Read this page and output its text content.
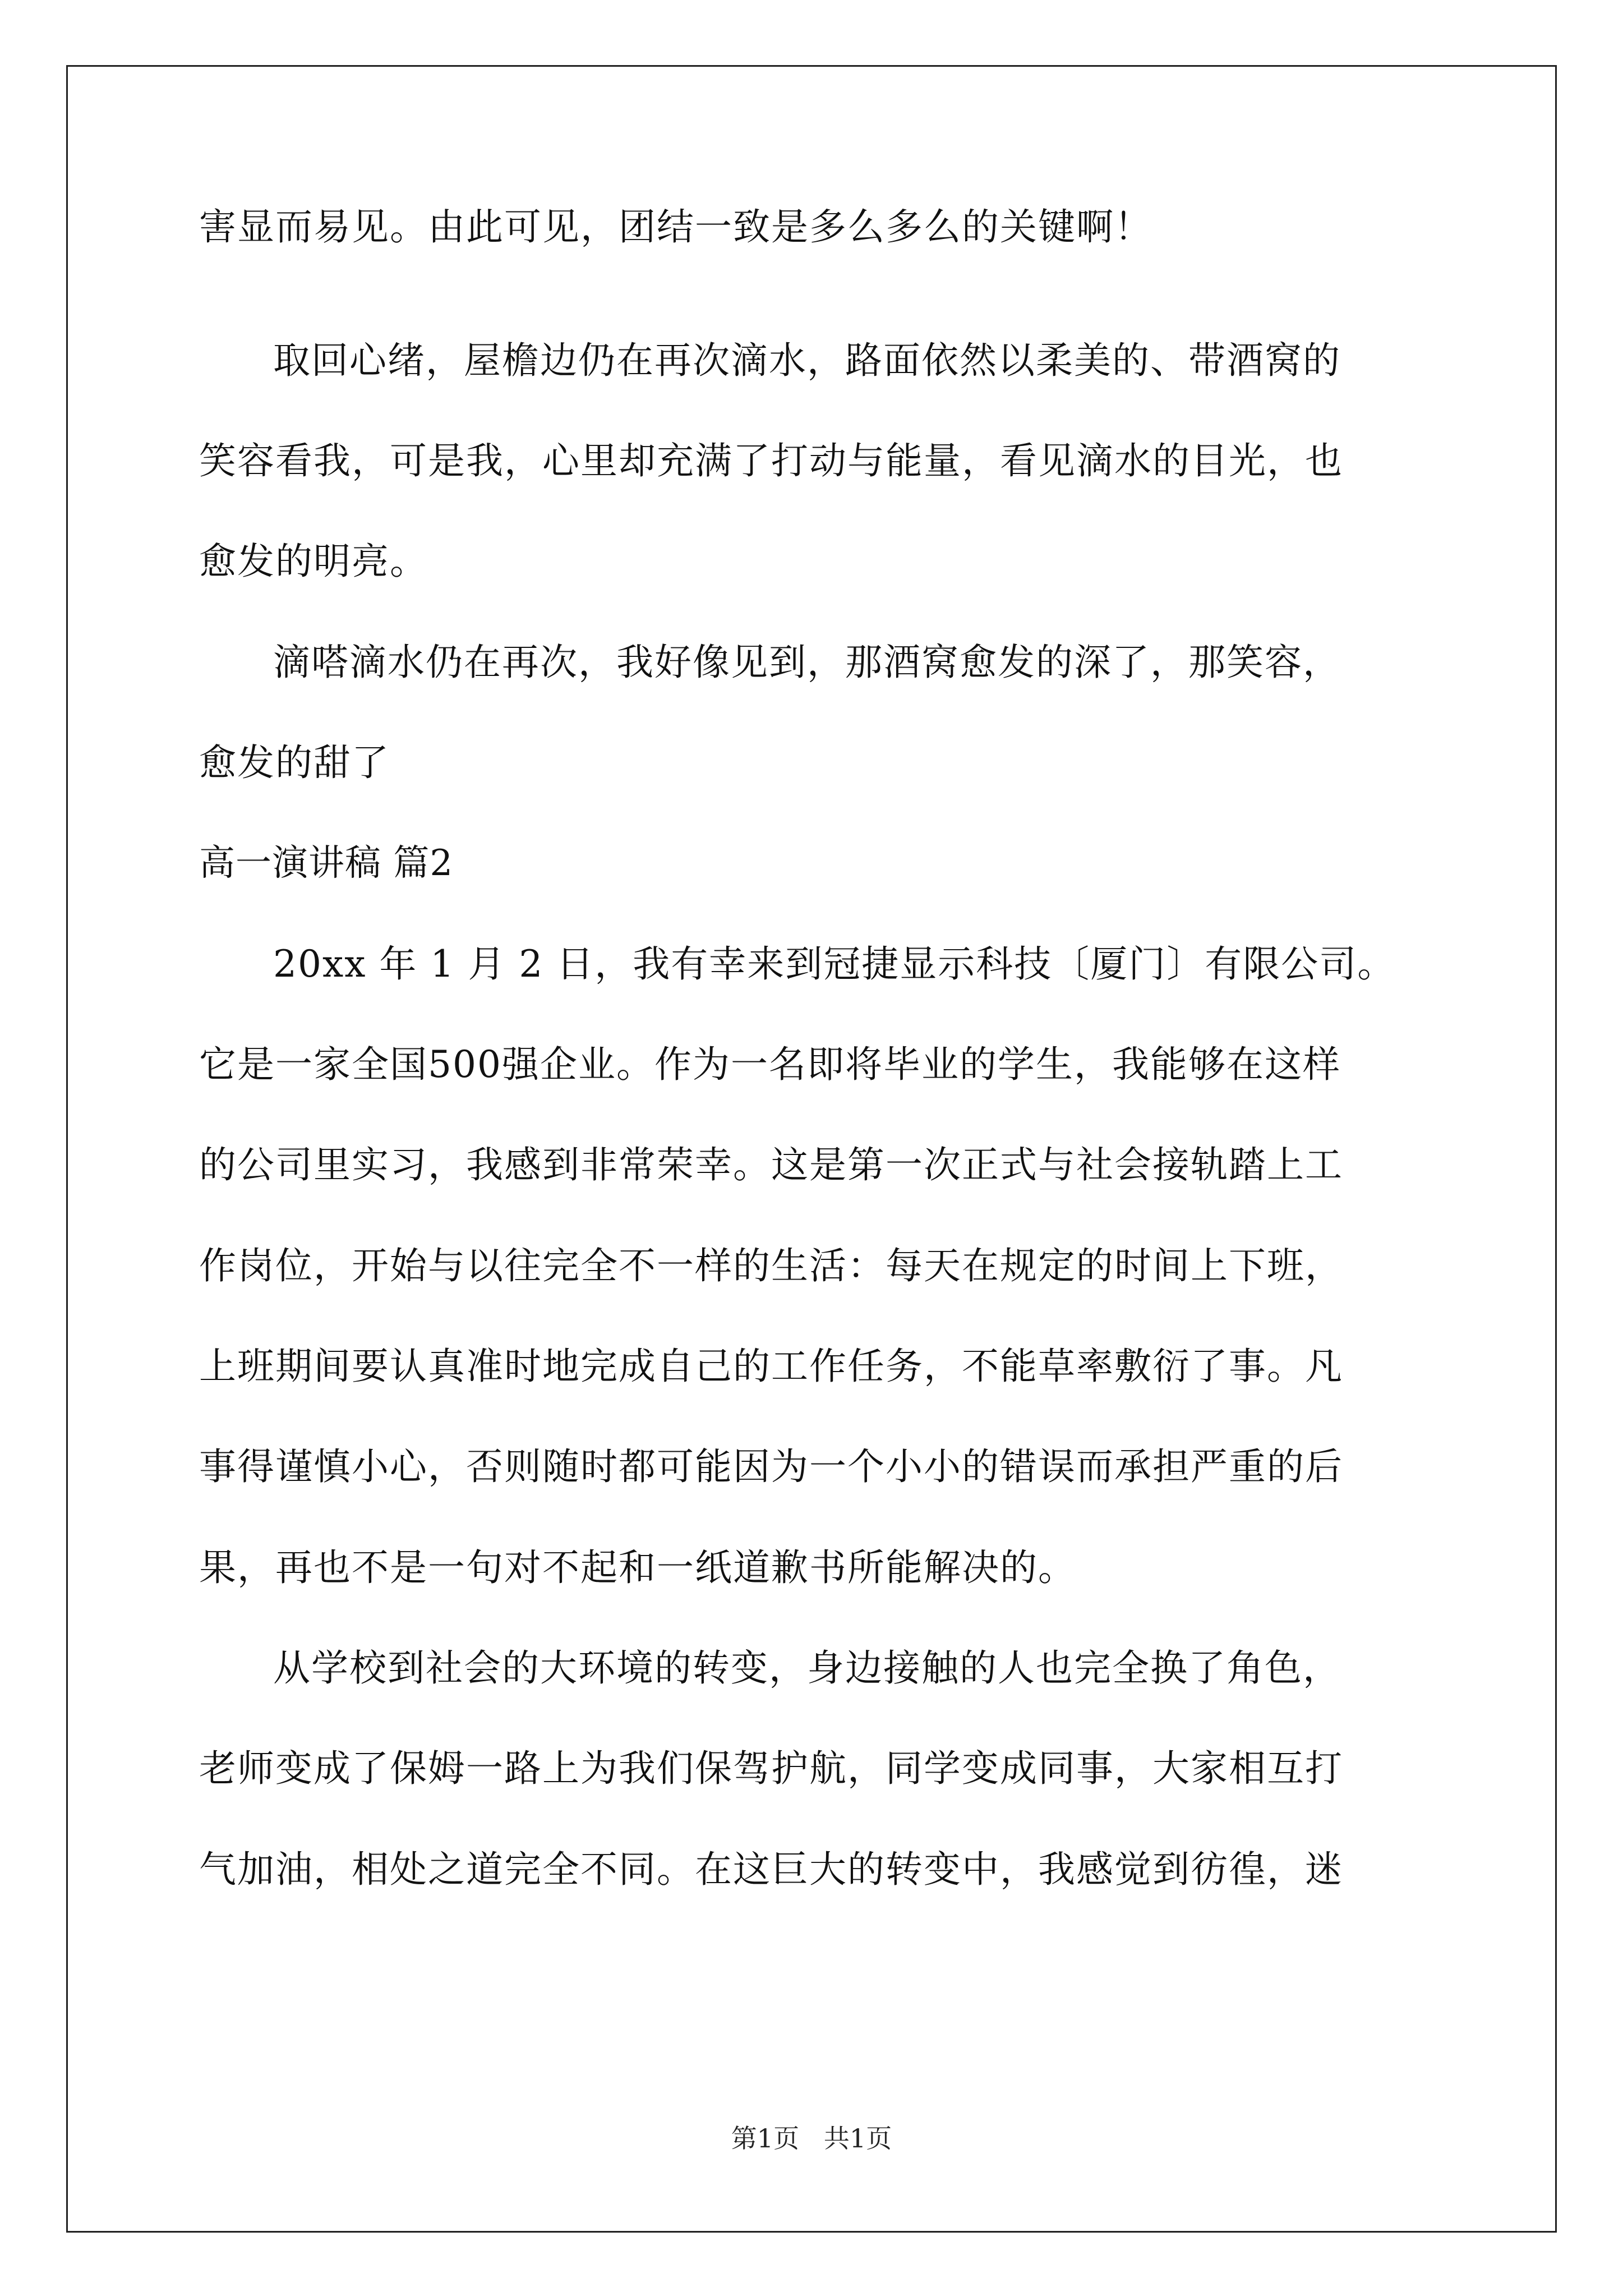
害显而易见。由此可见，团结一致是多么多么的关键啊！
取回心绪，屋檐边仍在再次滴水，路面依然以柔美的、带酒窝的
笑容看我，可是我，心里却充满了打动与能量，看见滴水的目光，也
愈发的明亮。
滴嗒滴水仍在再次，我好像见到，那酒窝愈发的深了，那笑容，
愈发的甜了
高一演讲稿 篇2
20xx 年 1 月 2 日，我有幸来到冠捷显示科技〔厦门〕有限公司。
它是一家全国500强企业。作为一名即将毕业的学生，我能够在这样
的公司里实习，我感到非常荣幸。这是第一次正式与社会接轨踏上工
作岗位，开始与以往完全不一样的生活：每天在规定的时间上下班，
上班期间要认真准时地完成自己的工作任务，不能草率敷衍了事。凡
事得谨慎小心，否则随时都可能因为一个小小的错误而承担严重的后
果，再也不是一句对不起和一纸道歉书所能解决的。
从学校到社会的大环境的转变，身边接触的人也完全换了角色，
老师变成了保姆一路上为我们保驾护航，同学变成同事，大家相互打
气加油，相处之道完全不同。在这巨大的转变中，我感觉到彷徨，迷
第1页   共1页
